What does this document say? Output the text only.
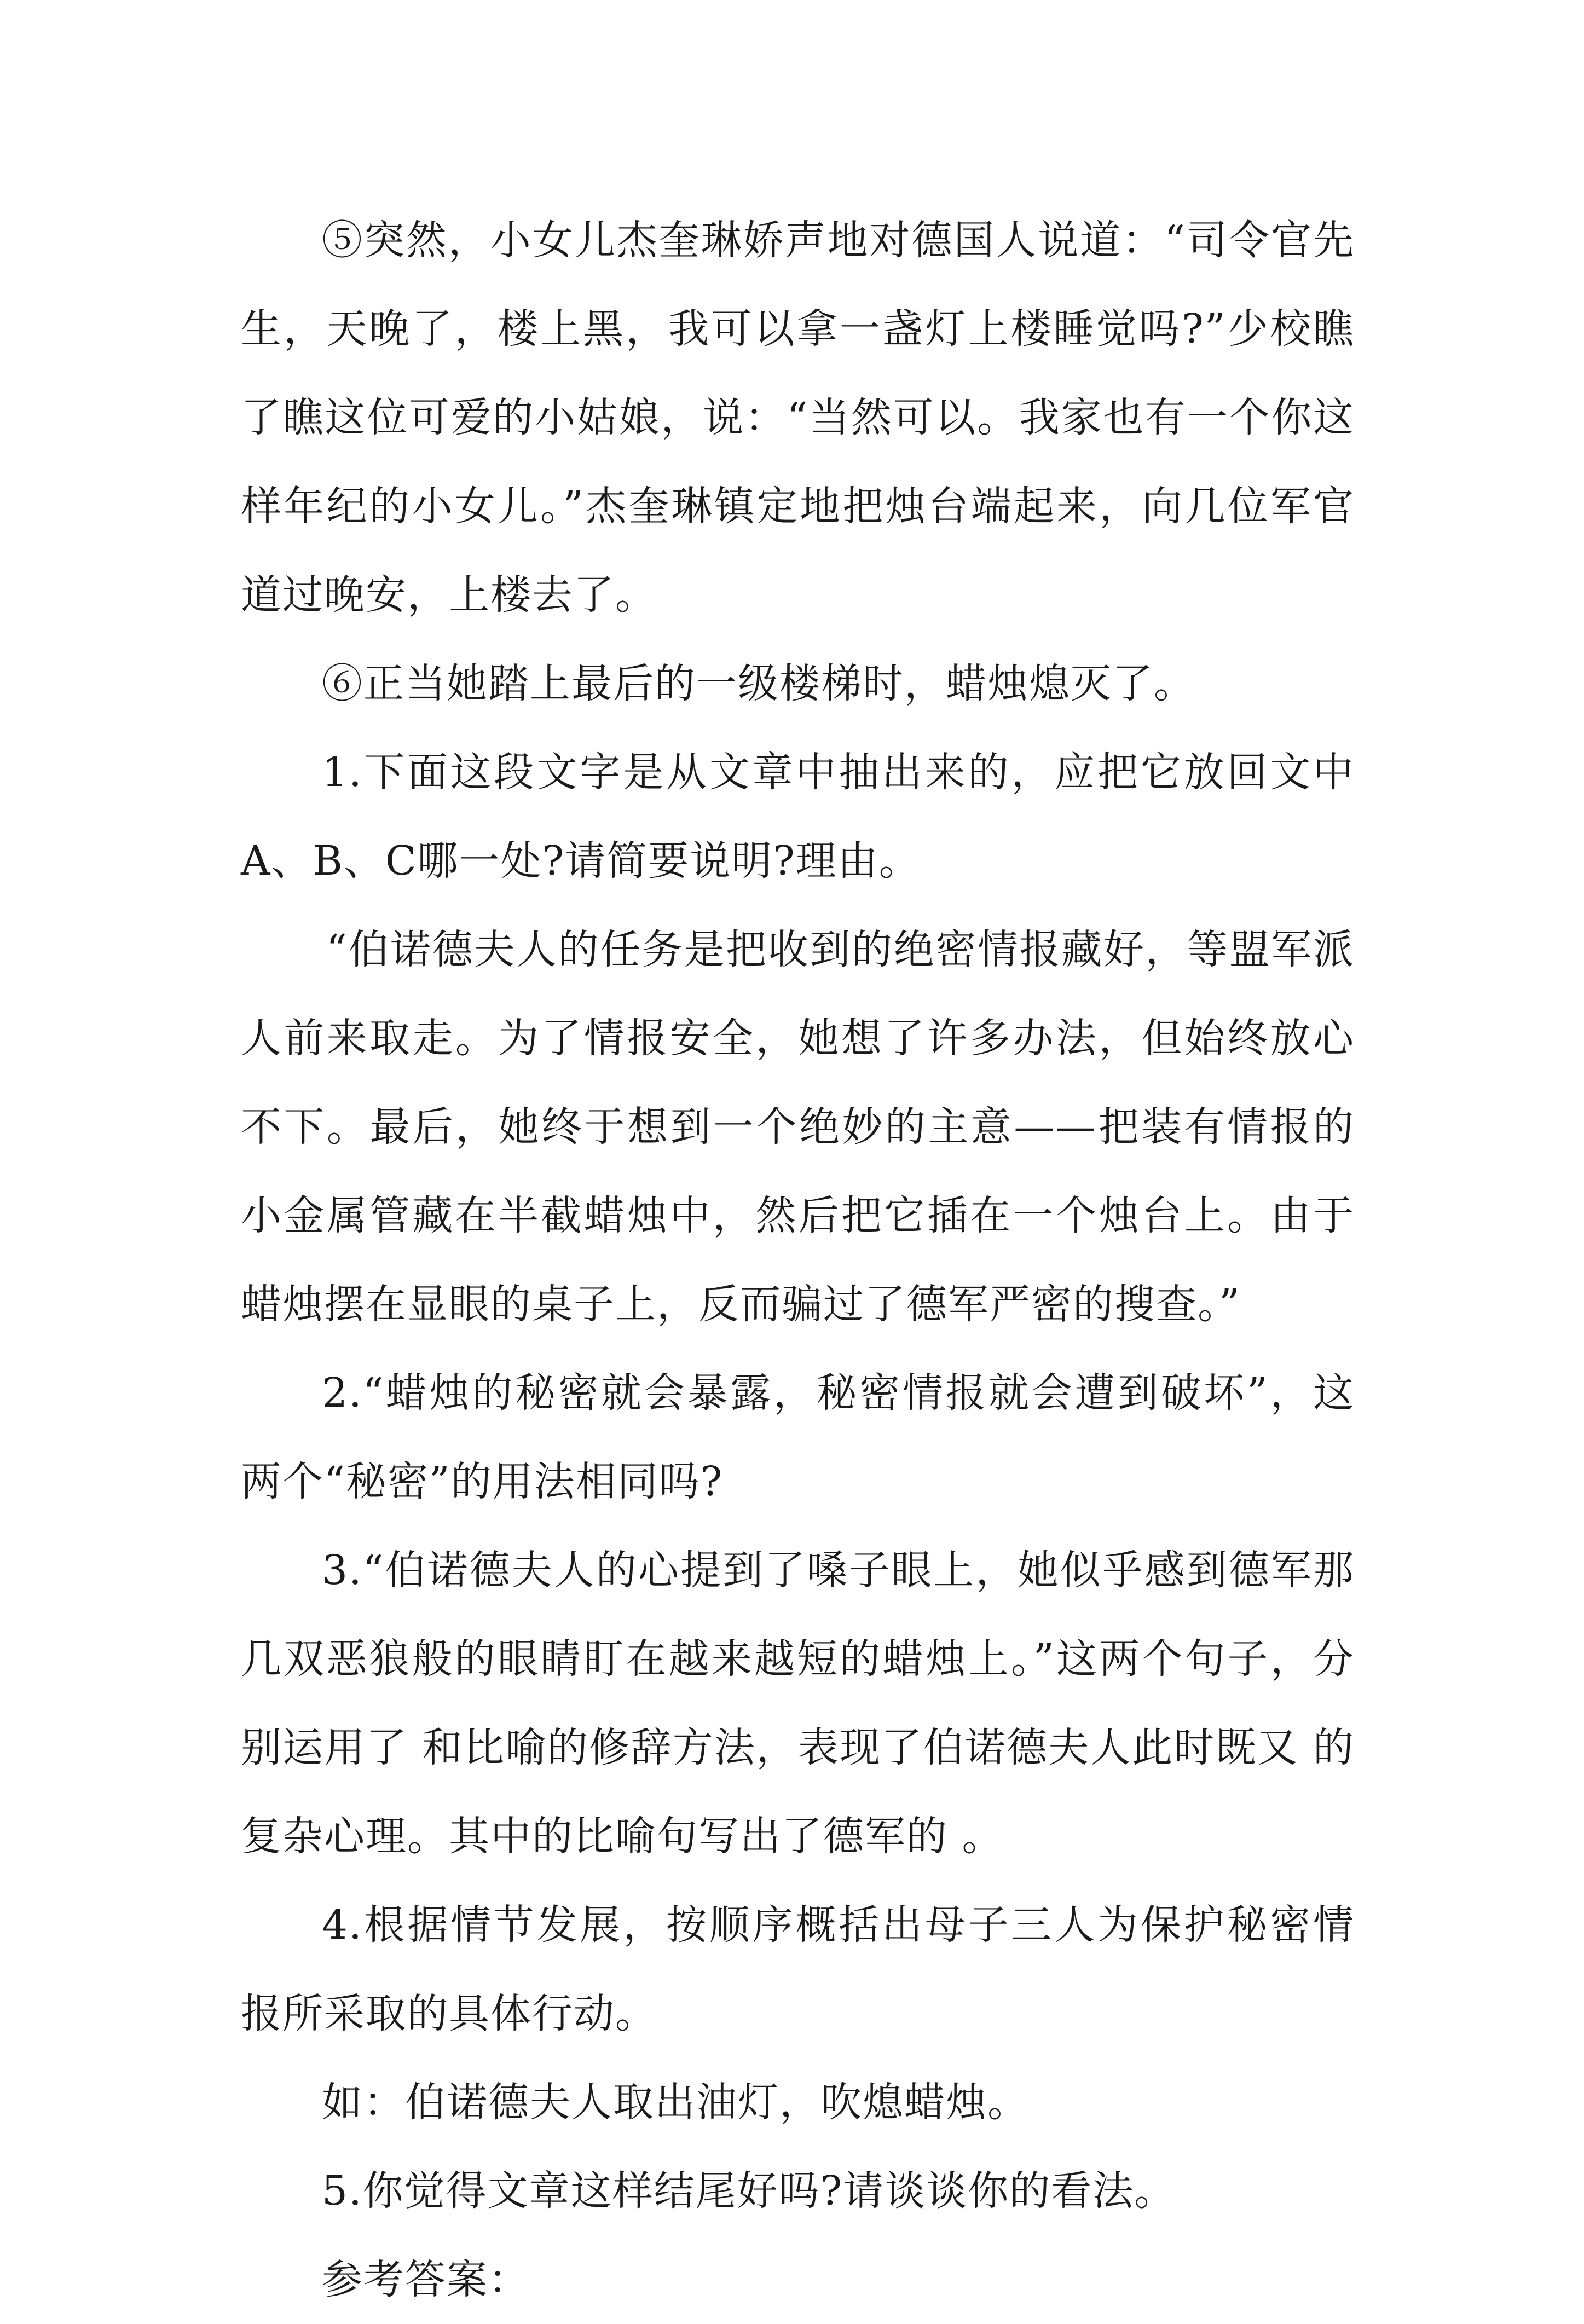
⑤突然，小女儿杰奎琳娇声地对德国人说道：“司令官先生，天晚了，楼上黑，我可以拿一盏灯上楼睡觉吗?”少校瞧了瞧这位可爱的小姑娘，说：“当然可以。我家也有一个你这样年纪的小女儿。”杰奎琳镇定地把烛台端起来，向几位军官道过晚安，上楼去了。

⑥正当她踏上最后的一级楼梯时，蜡烛熄灭了。

1.下面这段文字是从文章中抽出来的，应把它放回文中A、B、C哪一处?请简要说明?理由。

“伯诺德夫人的任务是把收到的绝密情报藏好，等盟军派人前来取走。为了情报安全，她想了许多办法，但始终放心不下。最后，她终于想到一个绝妙的主意——把装有情报的小金属管藏在半截蜡烛中，然后把它插在一个烛台上。由于蜡烛摆在显眼的桌子上，反而骗过了德军严密的搜查。”

2.“蜡烛的秘密就会暴露，秘密情报就会遭到破坏”，这两个“秘密”的用法相同吗?

3.“伯诺德夫人的心提到了嗓子眼上，她似乎感到德军那几双恶狼般的眼睛盯在越来越短的蜡烛上。”这两个句子，分别运用了 和比喻的修辞方法，表现了伯诺德夫人此时既又 的复杂心理。其中的比喻句写出了德军的 。

4.根据情节发展，按顺序概括出母子三人为保护秘密情报所采取的具体行动。

如：伯诺德夫人取出油灯，吹熄蜡烛。

5.你觉得文章这样结尾好吗?请谈谈你的看法。

参考答案：
